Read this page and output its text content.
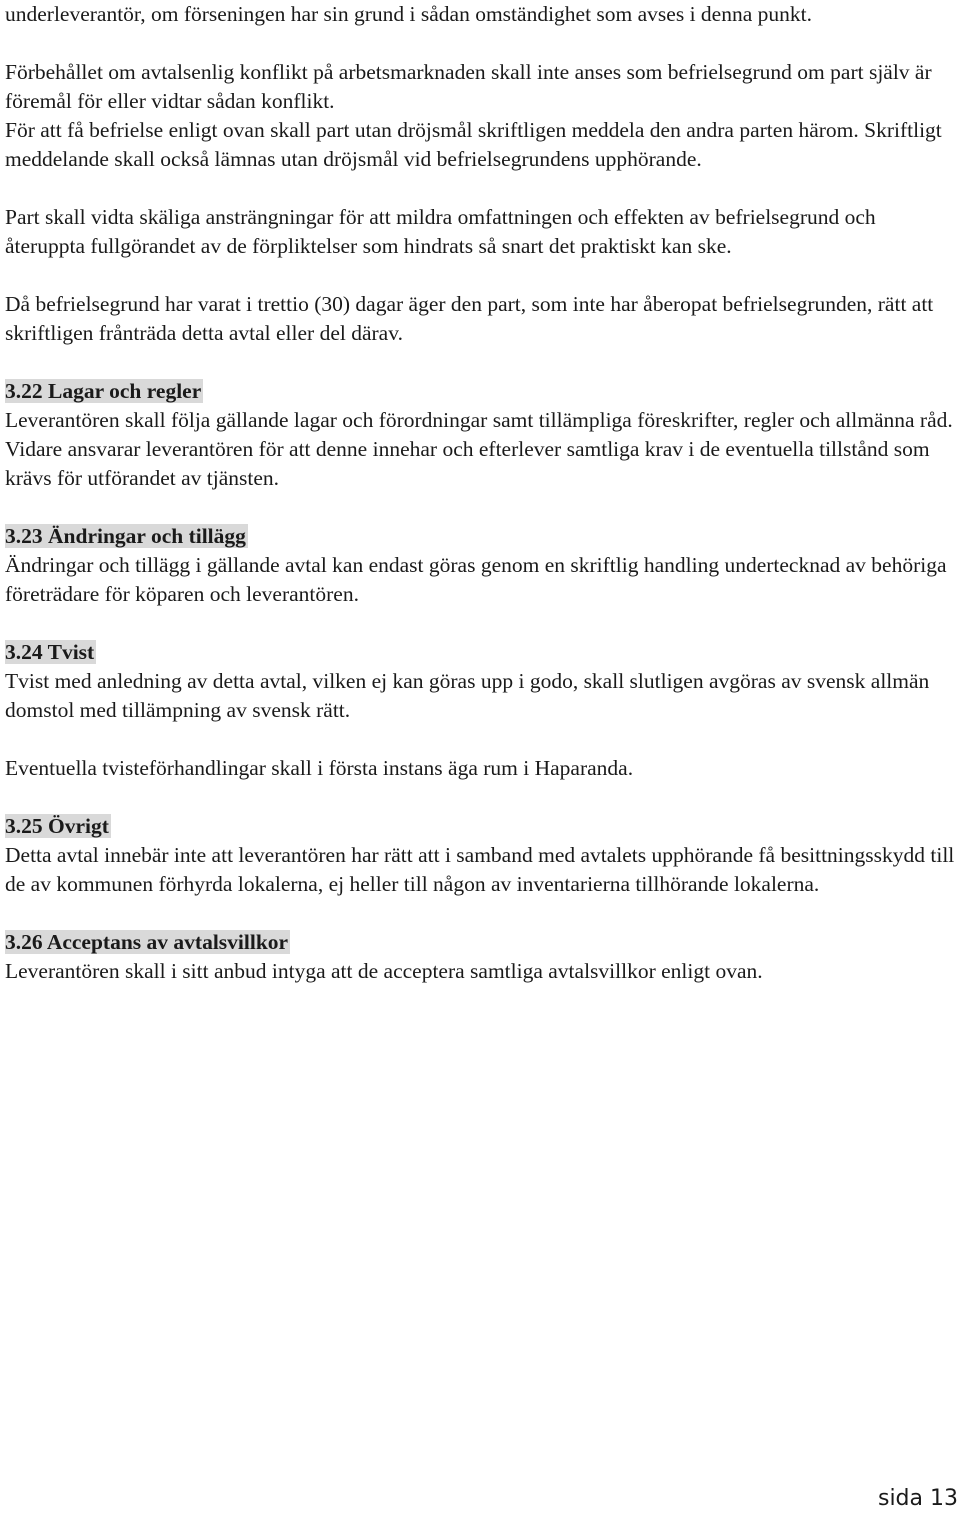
underleverantör, om förseningen har sin grund i sådan omständighet som avses i denna punkt.

Förbehållet om avtalsenlig konflikt på arbetsmarknaden skall inte anses som befrielsegrund om part själv är föremål för eller vidtar sådan konflikt.

För att få befrielse enligt ovan skall part utan dröjsmål skriftligen meddela den andra parten härom. Skriftligt meddelande skall också lämnas utan dröjsmål vid befrielsegrundens upphörande.

Part skall vidta skäliga ansträngningar för att mildra omfattningen och effekten av befrielsegrund och återuppta fullgörandet av de förpliktelser som hindrats så snart det praktiskt kan ske.

Då befrielsegrund har varat i trettio (30) dagar äger den part, som inte har åberopat befrielsegrunden, rätt att skriftligen frånträda detta avtal eller del därav.

3.22 Lagar och regler

Leverantören skall följa gällande lagar och förordningar samt tillämpliga föreskrifter, regler och allmänna råd. Vidare ansvarar leverantören för att denne innehar och efterlever samtliga krav i de eventuella tillstånd som krävs för utförandet av tjänsten.

3.23 Ändringar och tillägg

Ändringar och tillägg i gällande avtal kan endast göras genom en skriftlig handling undertecknad av behöriga företrädare för köparen och leverantören.

3.24 Tvist

Tvist med anledning av detta avtal, vilken ej kan göras upp i godo, skall slutligen avgöras av svensk allmän domstol med tillämpning av svensk rätt.

Eventuella tvisteförhandlingar skall i första instans äga rum i Haparanda.

3.25 Övrigt

Detta avtal innebär inte att leverantören har rätt att i samband med avtalets upphörande få besittningsskydd till de av kommunen förhyrda lokalerna, ej heller till någon av inventarierna tillhörande lokalerna.

3.26 Acceptans av avtalsvillkor

Leverantören skall i sitt anbud intyga att de acceptera samtliga avtalsvillkor enligt ovan.

sida 13
